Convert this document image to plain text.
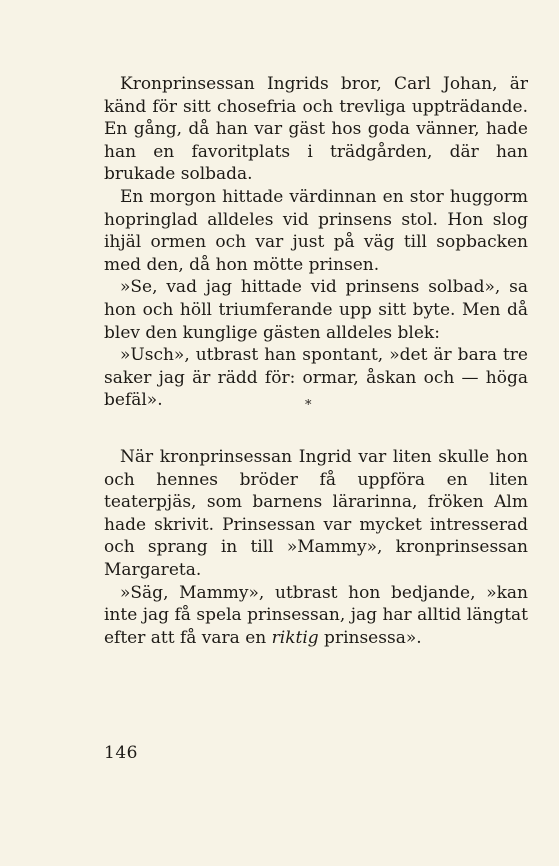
Kronprinsessan Ingrids bror, Carl Johan, är känd för sitt chosefria och trevliga uppträdande. En gång, då han var gäst hos goda vänner, hade han en favoritplats i trädgården, där han brukade solbada.

En morgon hittade värdinnan en stor huggorm hopringlad alldeles vid prinsens stol. Hon slog ihjäl ormen och var just på väg till sopbacken med den, då hon mötte prinsen.

»Se, vad jag hittade vid prinsens solbad», sa hon och höll triumferande upp sitt byte. Men då blev den kunglige gästen alldeles blek:

»Usch», utbrast han spontant, »det är bara tre saker jag är rädd för: ormar, åskan och — höga befäl».	*

När kronprinsessan Ingrid var liten skulle hon och hennes bröder få uppföra en liten teaterpjäs, som barnens lärarinna, fröken Alm hade skrivit. Prinsessan var mycket intresserad och sprang in till »Mammy», kronprinsessan Margareta.

»Säg, Mammy», utbrast hon bedjande, »kan inte jag få spela prinsessan, jag har alltid längtat efter att få vara en riktig prinsessa».

146
